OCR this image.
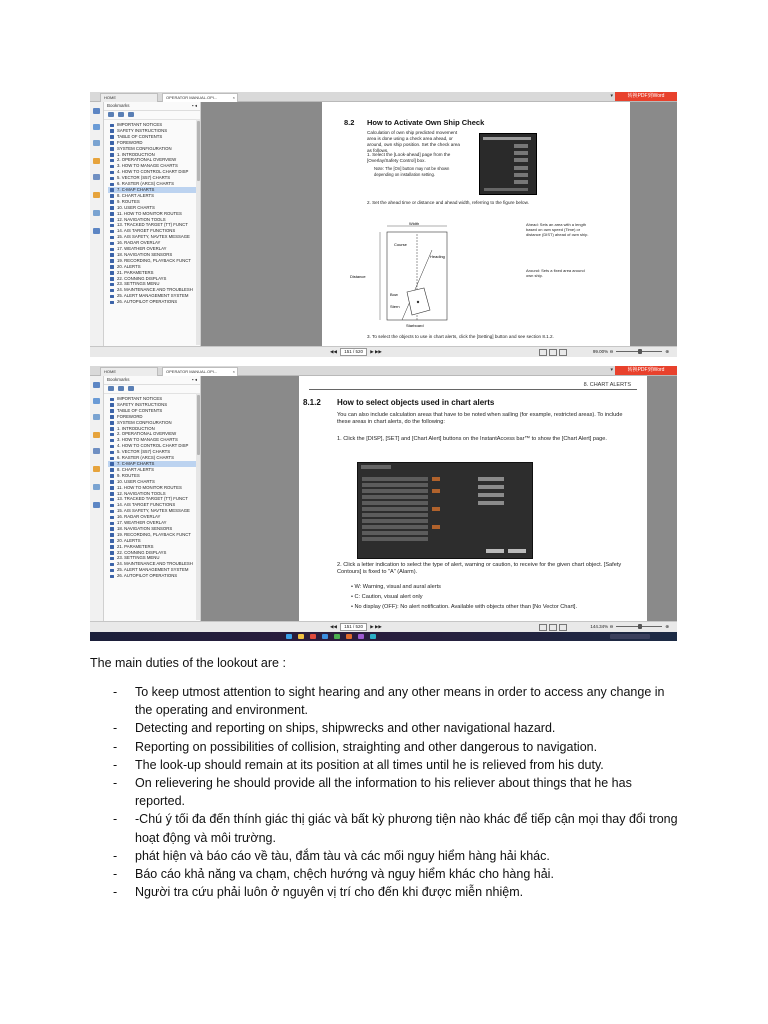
HOME	OPERATOR MANUAL.OPI...	×	▾	转换PDF到Word
Bookmarks	▪ ◂
IMPORTANT NOTICES
SAFETY INSTRUCTIONS
TABLE OF CONTENTS
FOREWORD
SYSTEM CONFIGURATION
1. INTRODUCTION
2. OPERATIONAL OVERVIEW
3. HOW TO MANAGE CHARTS
4. HOW TO CONTROL CHART DISP
5. VECTOR (S57) CHARTS
6. RASTER (ARCS) CHARTS
7. C-MAP CHARTS
8. CHART ALERTS
9. ROUTES
10. USER CHARTS
11. HOW TO MONITOR ROUTES
12. NAVIGATION TOOLS
13. TRACKED TARGET (TT) FUNCT
14. AIS TARGET FUNCTIONS
15. AIS SAFETY, NAVTEX MESSAGE
16. RADAR OVERLAY
17. WEATHER OVERLAY
18. NAVIGATION SENSORS
19. RECORDING, PLAYBACK FUNCT
20. ALERTS
21. PARAMETERS
22. CONNING DISPLAYS
23. SETTINGS MENU
24. MAINTENANCE AND TROUBLESH
25. ALERT MANAGEMENT SYSTEM
26. AUTOPILOT OPERATIONS
8.2 How to Activate Own Ship Check
Calculation of own ship predicted movement area is done using a check area ahead, or around, own ship position. Set the check area as follows.
1. Select the [Look-ahead] page from the [Overlay/Safety Control] box.
Note: The [On] button may not be shown depending on installation setting.
2. Set the ahead time or distance and ahead width, referring to the figure below.
Width
Course
Heading
Distance
Bow
Stern
Starboard
Ahead: Sets an area with a length based on own speed (Time) or distance (DIST) ahead of own ship.
Around: Sets a fixed area around own ship.
3. To select the objects to use in chart alerts, click the [Setting] button and see section 8.1.2.
◀◀ 151 / 520 ▶ ▶▶	99.00% ⊖	⊕
HOME	OPERATOR MANUAL.OPI...	×	▾	转换PDF到Word
Bookmarks	▪ ◂
IMPORTANT NOTICES
SAFETY INSTRUCTIONS
TABLE OF CONTENTS
FOREWORD
SYSTEM CONFIGURATION
1. INTRODUCTION
2. OPERATIONAL OVERVIEW
3. HOW TO MANAGE CHARTS
4. HOW TO CONTROL CHART DISP
5. VECTOR (S57) CHARTS
6. RASTER (ARCS) CHARTS
7. C-MAP CHARTS
8. CHART ALERTS
9. ROUTES
10. USER CHARTS
11. HOW TO MONITOR ROUTES
12. NAVIGATION TOOLS
13. TRACKED TARGET (TT) FUNCT
14. AIS TARGET FUNCTIONS
15. AIS SAFETY, NAVTEX MESSAGE
16. RADAR OVERLAY
17. WEATHER OVERLAY
18. NAVIGATION SENSORS
19. RECORDING, PLAYBACK FUNCT
20. ALERTS
21. PARAMETERS
22. CONNING DISPLAYS
23. SETTINGS MENU
24. MAINTENANCE AND TROUBLESH
25. ALERT MANAGEMENT SYSTEM
26. AUTOPILOT OPERATIONS
8. CHART ALERTS
8.1.2 How to select objects used in chart alerts
You can also include calculation areas that have to be noted when sailing (for example, restricted areas). To include these areas in chart alerts, do the following:
1. Click the [DISP], [SET] and [Chart Alert] buttons on the InstantAccess bar™ to show the [Chart Alert] page.
2. Click a letter indication to select the type of alert, warning or caution, to receive for the given chart object. [Safety Contours] is fixed to "A" (Alarm).
• W: Warning, visual and aural alerts
• C: Caution, visual alert only
• No display (OFF): No alert notification. Available with objects other than [No Vector Chart].
◀◀ 151 / 520 ▶ ▶▶	144.34% ⊖	⊕

The main duties of the lookout are :

- To keep utmost attention to sight hearing and any other means in order to access any change in the operating and environment.
- Detecting and reporting on ships, shipwrecks and other navigational hazard.
- Reporting on possibilities of collision, straighting and other dangerous to navigation.
- The look-up should remain at its position at all times until he is relieved from his duty.
- On relievering he should provide all the information to his reliever about things that he has reported.
- -Chú ý tối đa đến thính giác thị giác và bất kỳ phương tiện nào khác để tiếp cận mọi thay đổi trong hoạt động và môi trường.
- phát hiện và báo cáo về tàu, đắm tàu và các mối nguy hiểm hàng hải khác.
- Báo cáo khả năng va chạm, chệch hướng và nguy hiểm khác cho hàng hải.
- Người tra cứu phải luôn ở nguyên vị trí cho đến khi được miễn nhiệm.
